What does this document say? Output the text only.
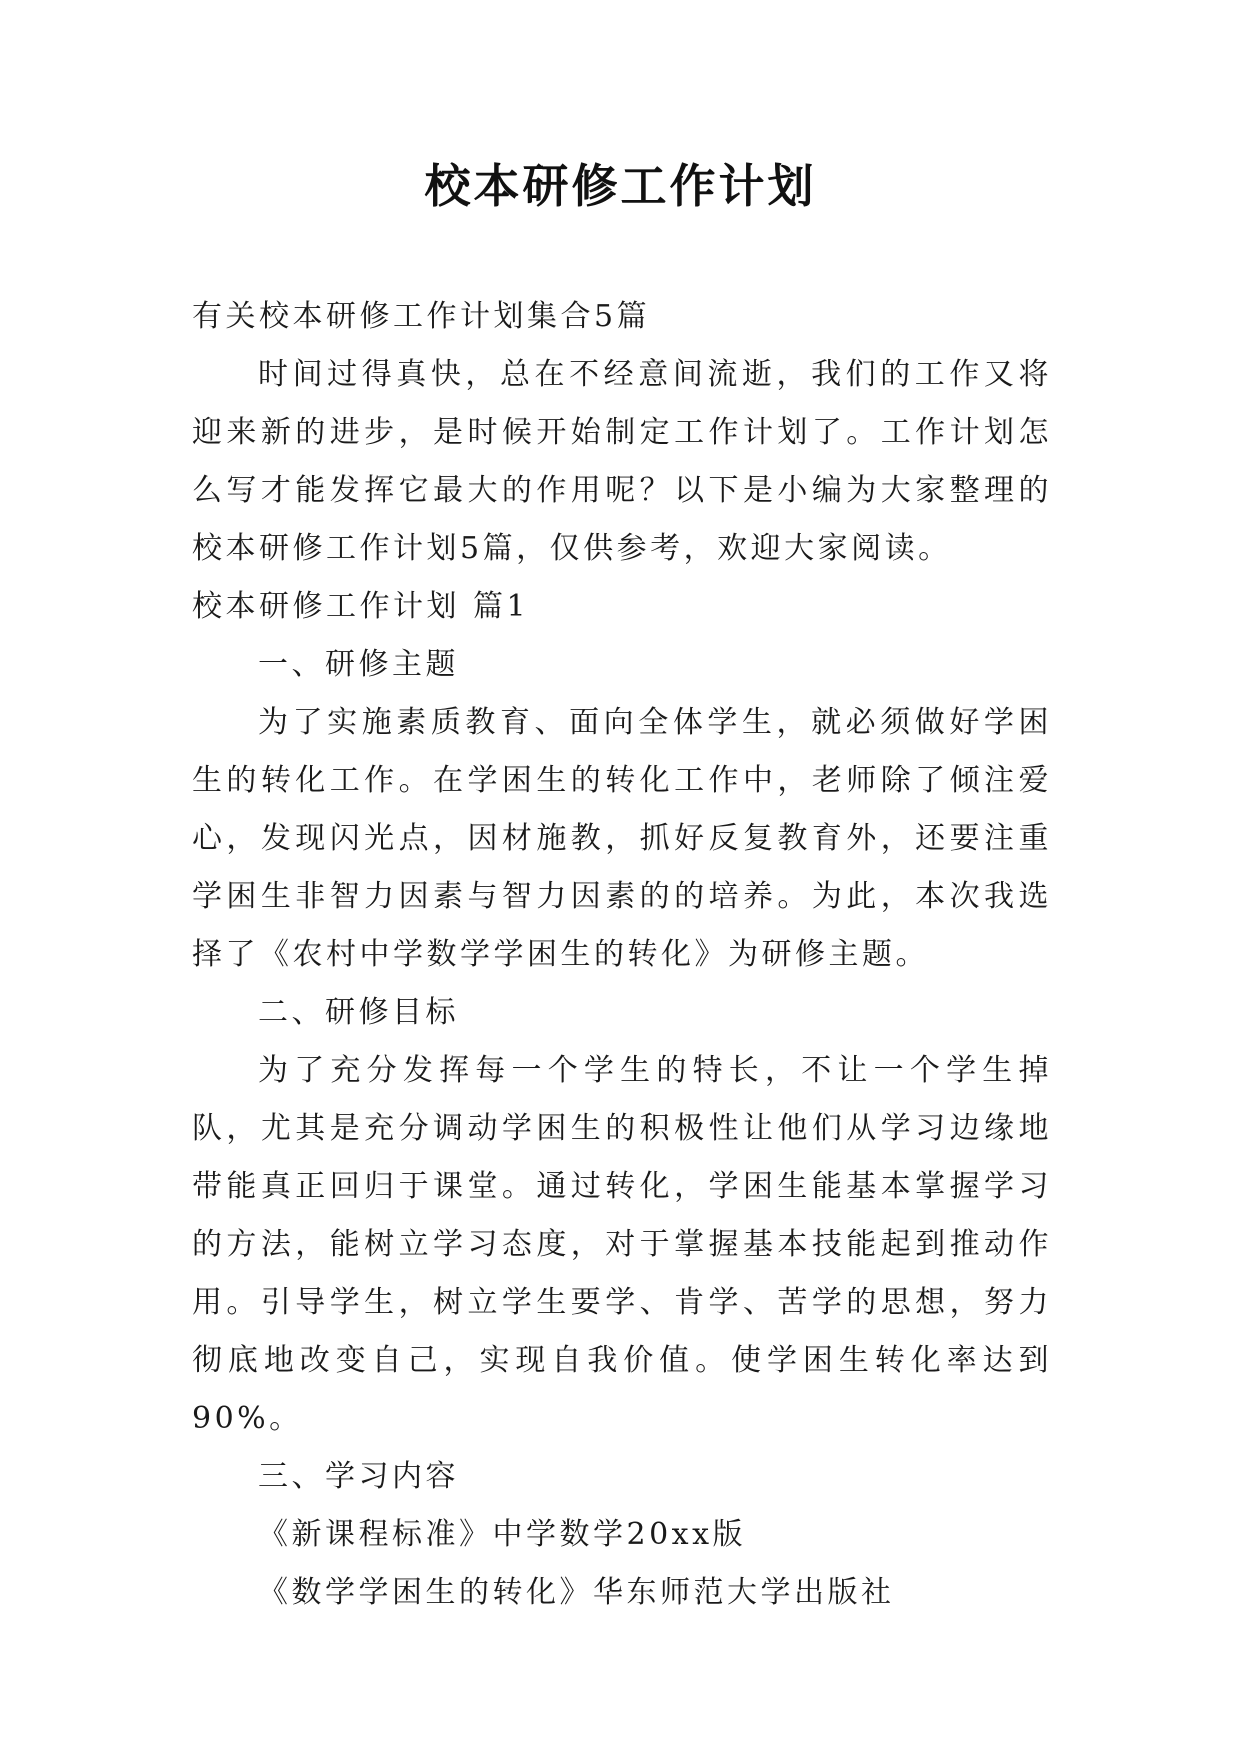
校本研修工作计划

有关校本研修工作计划集合5篇

时间过得真快，总在不经意间流逝，我们的工作又将迎来新的进步，是时候开始制定工作计划了。工作计划怎么写才能发挥它最大的作用呢？以下是小编为大家整理的校本研修工作计划5篇，仅供参考，欢迎大家阅读。

校本研修工作计划 篇1

一、研修主题

为了实施素质教育、面向全体学生，就必须做好学困生的转化工作。在学困生的转化工作中，老师除了倾注爱心，发现闪光点，因材施教，抓好反复教育外，还要注重学困生非智力因素与智力因素的的培养。为此，本次我选择了《农村中学数学学困生的转化》为研修主题。

二、研修目标

为了充分发挥每一个学生的特长，不让一个学生掉队，尤其是充分调动学困生的积极性让他们从学习边缘地带能真正回归于课堂。通过转化，学困生能基本掌握学习的方法，能树立学习态度，对于掌握基本技能起到推动作用。引导学生，树立学生要学、肯学、苦学的思想，努力彻底地改变自己，实现自我价值。使学困生转化率达到90%。

三、学习内容

《新课程标准》中学数学20xx版

《数学学困生的转化》华东师范大学出版社
